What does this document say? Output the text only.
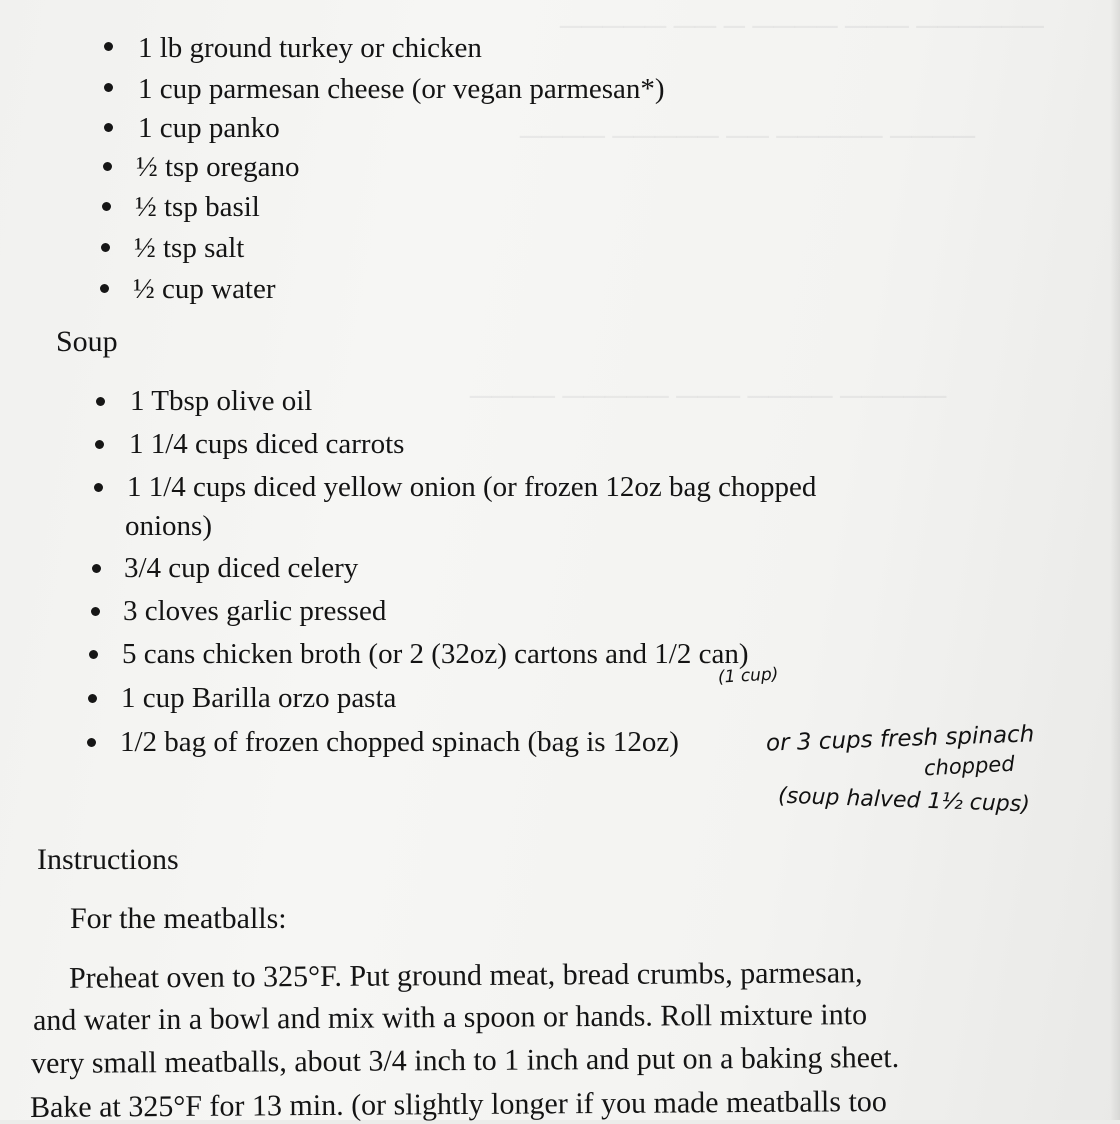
────── ─── ──── ─ ── ─────
──── ───── ── ───── ────
───── ──── ─── ───── ────
1 lb ground turkey or chicken
1 cup parmesan cheese (or vegan parmesan*)
1 cup panko
½ tsp oregano
½ tsp basil
½ tsp salt
½ cup water
Soup
1 Tbsp olive oil
1 1/4 cups diced carrots
1 1/4 cups diced yellow onion (or frozen 12oz bag chopped
onions)
3/4 cup diced celery
3 cloves garlic pressed
5 cans chicken broth (or 2 (32oz) cartons and 1/2 can)
1 cup Barilla orzo pasta
1/2 bag of frozen chopped spinach (bag is 12oz)
(1 cup)
or 3 cups fresh spinach
chopped
(soup halved 1½ cups)
Instructions
For the meatballs:
Preheat oven to 325°F. Put ground meat, bread crumbs, parmesan,
and water in a bowl and mix with a spoon or hands. Roll mixture into
very small meatballs, about 3/4 inch to 1 inch and put on a baking sheet.
Bake at 325°F for 13 min. (or slightly longer if you made meatballs too
